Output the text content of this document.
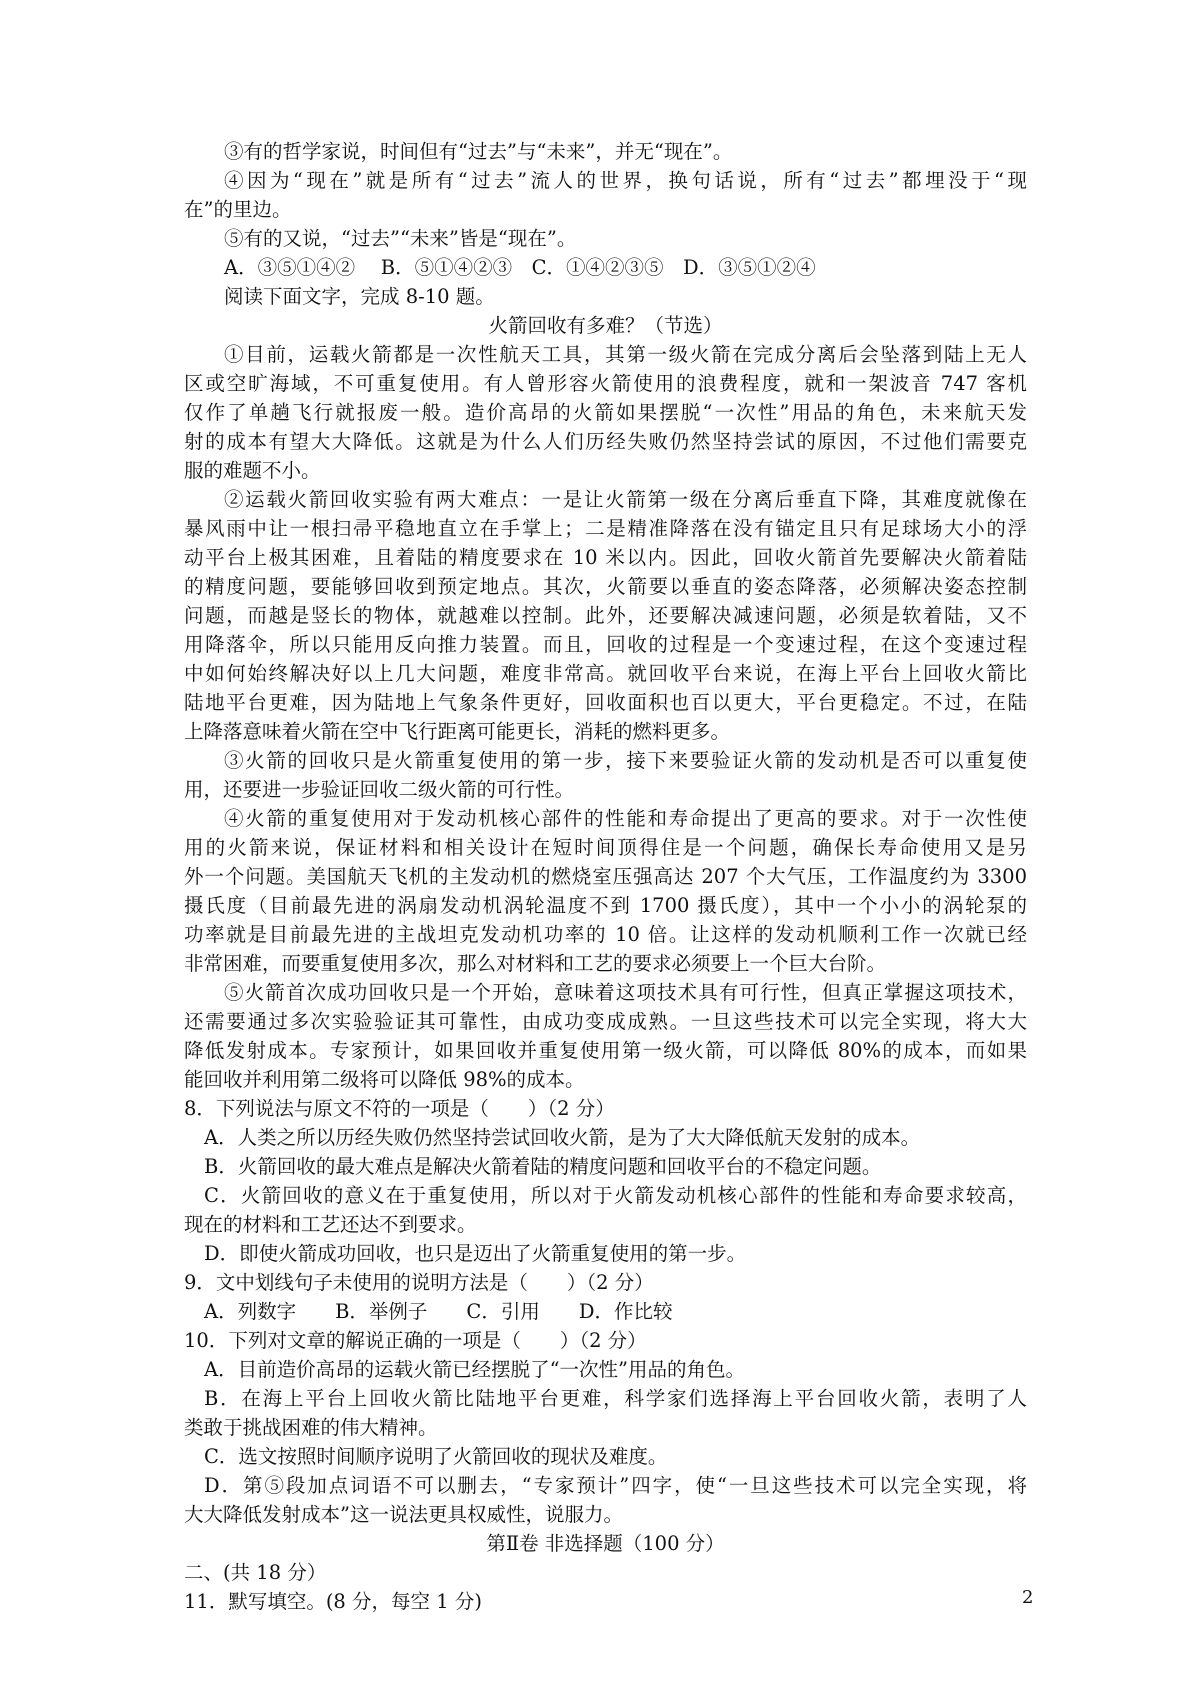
③有的哲学家说，时间但有“过去”与“未来”，并无“现在”。
④因为“现在”就是所有“过去”流人的世界，换句话说，所有“过去”都埋没于“现
在”的里边。
⑤有的又说，“过去”“未来”皆是“现在”。
A．③⑤①④②　 B．⑤①④②③　C．①④②③⑤　D．③⑤①②④
阅读下面文字，完成 8-10 题。
火箭回收有多难？（节选）
①目前，运载火箭都是一次性航天工具，其第一级火箭在完成分离后会坠落到陆上无人
区或空旷海域，不可重复使用。有人曾形容火箭使用的浪费程度，就和一架波音 747 客机
仅作了单趟飞行就报废一般。造价高昂的火箭如果摆脱“一次性”用品的角色，未来航天发
射的成本有望大大降低。这就是为什么人们历经失败仍然坚持尝试的原因，不过他们需要克
服的难题不小。
②运载火箭回收实验有两大难点：一是让火箭第一级在分离后垂直下降，其难度就像在
暴风雨中让一根扫帚平稳地直立在手掌上；二是精准降落在没有锚定且只有足球场大小的浮
动平台上极其困难，且着陆的精度要求在 10 米以内。因此，回收火箭首先要解决火箭着陆
的精度问题，要能够回收到预定地点。其次，火箭要以垂直的姿态降落，必须解决姿态控制
问题，而越是竖长的物体，就越难以控制。此外，还要解决减速问题，必须是软着陆，又不
用降落伞，所以只能用反向推力装置。而且，回收的过程是一个变速过程，在这个变速过程
中如何始终解决好以上几大问题，难度非常高。就回收平台来说，在海上平台上回收火箭比
陆地平台更难，因为陆地上气象条件更好，回收面积也百以更大，平台更稳定。不过，在陆
上降落意味着火箭在空中飞行距离可能更长，消耗的燃料更多。
③火箭的回收只是火箭重复使用的第一步，接下来要验证火箭的发动机是否可以重复使
用，还要进一步验证回收二级火箭的可行性。
④火箭的重复使用对于发动机核心部件的性能和寿命提出了更高的要求。对于一次性使
用的火箭来说，保证材料和相关设计在短时间顶得住是一个问题，确保长寿命使用又是另
外一个问题。美国航天飞机的主发动机的燃烧室压强高达 207 个大气压，工作温度约为 3300
摄氏度（目前最先进的涡扇发动机涡轮温度不到 1700 摄氏度），其中一个小小的涡轮泵的
功率就是目前最先进的主战坦克发动机功率的 10 倍。让这样的发动机顺利工作一次就已经
非常困难，而要重复使用多次，那么对材料和工艺的要求必须要上一个巨大台阶。
⑤火箭首次成功回收只是一个开始，意味着这项技术具有可行性，但真正掌握这项技术，
还需要通过多次实验验证其可靠性，由成功变成成熟。一旦这些技术可以完全实现，将大大
降低发射成本。专家预计，如果回收并重复使用第一级火箭，可以降低 80%的成本，而如果
能回收并利用第二级将可以降低 98%的成本。
8．下列说法与原文不符的一项是（　　）（2 分）
A．人类之所以历经失败仍然坚持尝试回收火箭，是为了大大降低航天发射的成本。
B．火箭回收的最大难点是解决火箭着陆的精度问题和回收平台的不稳定问题。
C．火箭回收的意义在于重复使用，所以对于火箭发动机核心部件的性能和寿命要求较高，
现在的材料和工艺还达不到要求。
D．即使火箭成功回收，也只是迈出了火箭重复使用的第一步。
9．文中划线句子未使用的说明方法是（　　）（2 分）
A．列数字　　B．举例子　　C．引用　　D．作比较
10．下列对文章的解说正确的一项是（　　）（2 分）
A．目前造价高昂的运载火箭已经摆脱了“一次性”用品的角色。
B．在海上平台上回收火箭比陆地平台更难，科学家们选择海上平台回收火箭，表明了人
类敢于挑战困难的伟大精神。
C．选文按照时间顺序说明了火箭回收的现状及难度。
D．第⑤段加点词语不可以删去，“专家预计”四字，使“一旦这些技术可以完全实现，将
大大降低发射成本”这一说法更具权威性，说服力。
第Ⅱ卷 非选择题（100 分）
二、(共 18 分）
11．默写填空。(8 分，每空 1 分)	2
